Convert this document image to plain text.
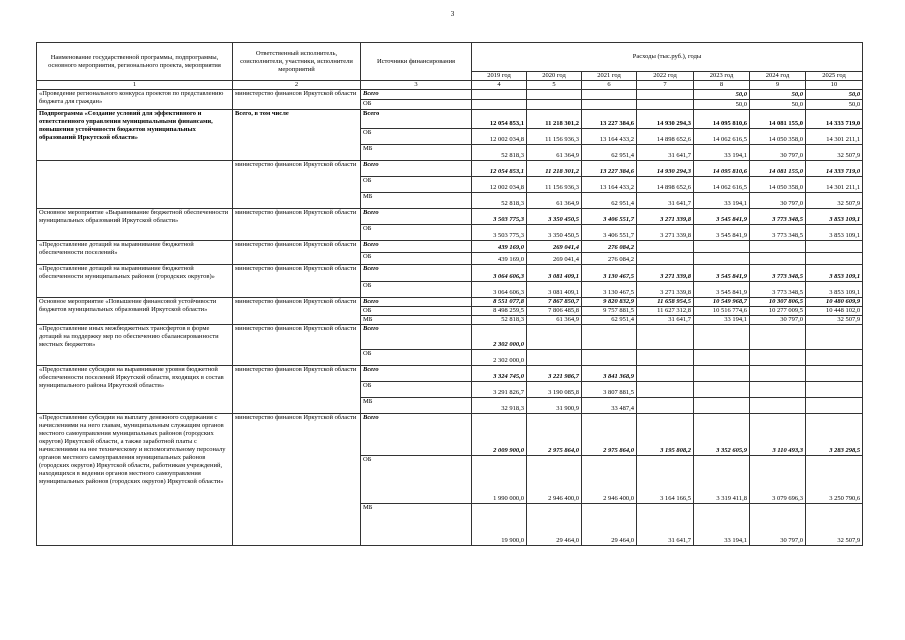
3
Наименование государственной программы, подпрограммы, основного мероприятия, регионального проекта, мероприятия	Ответственный исполнитель, соисполнители, участники, исполнители мероприятий	Источники финансирования	Расходы (тыс.руб.), годы						
			2019 год	2020 год	2021 год	2022 год	2023 год	2024 год	2025 год
1	2	3	4	5	6	7	8	9	10
«Проведение регионального конкурса проектов по представлению бюджета для граждан»	министерство финансов Иркутской области	Всего					50,0	50,0	50,0
		ОБ					50,0	50,0	50,0
Подпрограмма «Создание условий для эффективного и ответственного управления муниципальными финансами, повышения устойчивости бюджетов муниципальных образований Иркутской области»	Всего, в том числе	Всего	12 054 853,1	11 218 301,2	13 227 384,6	14 930 294,3	14 095 810,6	14 081 155,0	14 333 719,0
		ОБ	12 002 034,8	11 156 936,3	13 164 433,2	14 898 652,6	14 062 616,5	14 050 358,0	14 301 211,1
		МБ	52 818,3	61 364,9	62 951,4	31 641,7	33 194,1	30 797,0	32 507,9
	министерство финансов Иркутской области	Всего	12 054 853,1	11 218 301,2	13 227 384,6	14 930 294,3	14 095 810,6	14 081 155,0	14 333 719,0
		ОБ	12 002 034,8	11 156 936,3	13 164 433,2	14 898 652,6	14 062 616,5	14 050 358,0	14 301 211,1
		МБ	52 818,3	61 364,9	62 951,4	31 641,7	33 194,1	30 797,0	32 507,9
Основное мероприятие «Выравнивание бюджетной обеспеченности муниципальных образований Иркутской области»	министерство финансов Иркутской области	Всего	3 503 775,3	3 350 450,5	3 406 551,7	3 271 339,8	3 545 841,9	3 773 348,5	3 853 109,1
		ОБ	3 503 775,3	3 350 450,5	3 406 551,7	3 271 339,8	3 545 841,9	3 773 348,5	3 853 109,1
«Предоставление дотаций на выравнивание бюджетной обеспеченности поселений»	министерство финансов Иркутской области	Всего	439 169,0	269 041,4	276 084,2				
		ОБ	439 169,0	269 041,4	276 084,2				
«Предоставление дотаций на выравнивание бюджетной обеспеченности муниципальных районов (городских округов)»	министерство финансов Иркутской области	Всего	3 064 606,3	3 081 409,1	3 130 467,5	3 271 339,8	3 545 841,9	3 773 348,5	3 853 109,1
		ОБ	3 064 606,3	3 081 409,1	3 130 467,5	3 271 339,8	3 545 841,9	3 773 348,5	3 853 109,1
Основное мероприятие «Повышение финансовой устойчивости бюджетов муниципальных образований Иркутской области»	министерство финансов Иркутской области	Всего	8 551 077,8	7 867 850,7	9 820 832,9	11 658 954,5	10 549 968,7	10 307 806,5	10 480 609,9
		ОБ	8 498 259,5	7 806 485,8	9 757 881,5	11 627 312,8	10 516 774,6	10 277 009,5	10 448 102,0
		МБ	52 818,3	61 364,9	62 951,4	31 641,7	33 194,1	30 797,0	32 507,9
«Предоставление иных межбюджетных трансфертов в форме дотаций на поддержку мер по обеспечению сбалансированности местных бюджетов»	министерство финансов Иркутской области	Всего	2 302 000,0						
		ОБ	2 302 000,0						
«Предоставление субсидии на выравнивание уровня бюджетной обеспеченности поселений Иркутской области, входящих в состав муниципального района Иркутской области»	министерство финансов Иркутской области	Всего	3 324 745,0	3 221 986,7	3 841 368,9				
		ОБ	3 291 826,7	3 190 085,8	3 807 881,5				
		МБ	32 918,3	31 900,9	33 487,4				
«Предоставление субсидии на выплату денежного содержания с начислениями на него главам, муниципальным служащим органов местного самоуправления муниципальных районов (городских округов) Иркутской области, а также заработной платы с начислениями на нее техническому и вспомогательному персоналу органов местного самоуправления муниципальных районов (городских округов) Иркутской области, работникам учреждений, находящихся в ведении органов местного самоуправления муниципальных районов (городских округов) Иркутской области»	министерство финансов Иркутской области	Всего	2 009 900,0	2 975 864,0	2 975 864,0	3 195 808,2	3 352 605,9	3 110 493,3	3 283 298,5
		ОБ	1 990 000,0	2 946 400,0	2 946 400,0	3 164 166,5	3 319 411,8	3 079 696,3	3 250 790,6
		МБ	19 900,0	29 464,0	29 464,0	31 641,7	33 194,1	30 797,0	32 507,9
